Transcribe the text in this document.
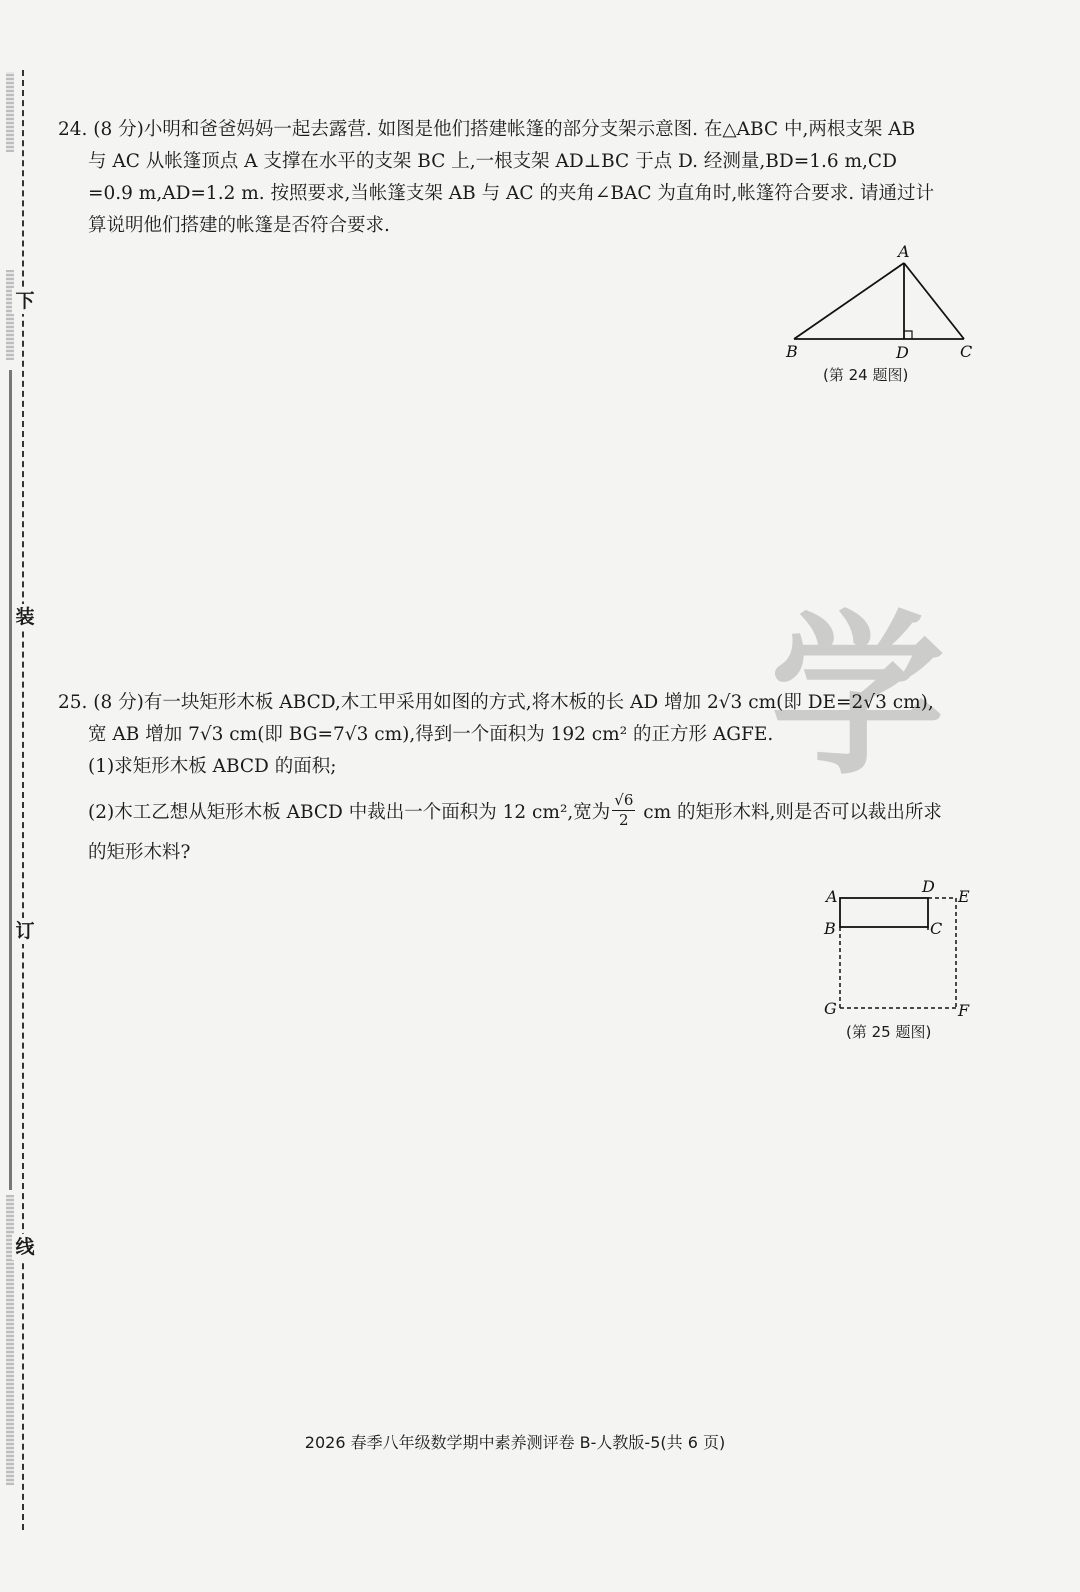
下
装
订
线
学
24. (8 分)小明和爸爸妈妈一起去露营. 如图是他们搭建帐篷的部分支架示意图. 在△ABC 中,两根支架 AB
与 AC 从帐篷顶点 A 支撑在水平的支架 BC 上,一根支架 AD⊥BC 于点 D. 经测量,BD=1.6 m,CD
=0.9 m,AD=1.2 m. 按照要求,当帐篷支架 AB 与 AC 的夹角∠BAC 为直角时,帐篷符合要求. 请通过计
算说明他们搭建的帐篷是否符合要求.
A
B	D	C
(第 24 题图)
25. (8 分)有一块矩形木板 ABCD,木工甲采用如图的方式,将木板的长 AD 增加 2√3 cm(即 DE=2√3 cm),
宽 AB 增加 7√3 cm(即 BG=7√3 cm),得到一个面积为 192 cm² 的正方形 AGFE.
(1)求矩形木板 ABCD 的面积;
(2)木工乙想从矩形木板 ABCD 中裁出一个面积为 12 cm²,宽为 $\frac{√6}{2}$ cm 的矩形木料,则是否可以裁出所求
的矩形木料?
A
D
E
B	C
G	F
(第 25 题图)
2026 春季八年级数学期中素养测评卷 B-人教版-5(共 6 页)
